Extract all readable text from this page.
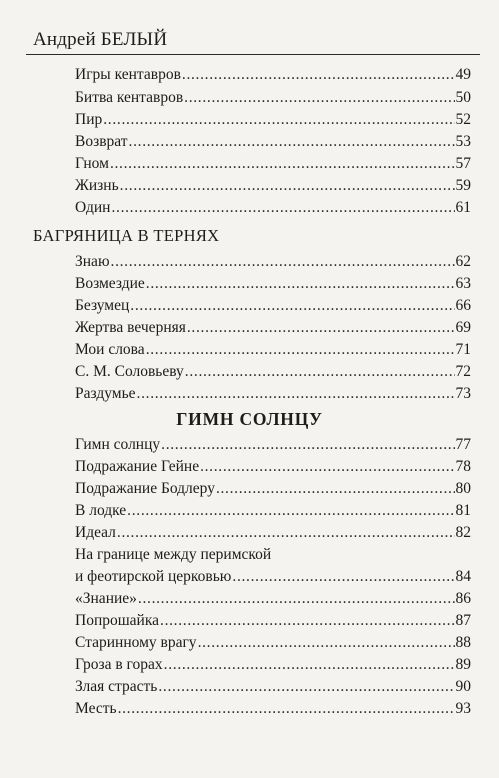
Андрей БЕЛЫЙ
Игры кентавров . . .	49
Битва кентавров . . .	50
Пир . . .	52
Возврат . . .	53
Гном . . .	57
Жизнь . . .	59
Один . . .	61
БАГРЯНИЦА В ТЕРНЯХ
Знаю . . .	62
Возмездие . . .	63
Безумец . . .	66
Жертва вечерняя . . .	69
Мои слова . . .	71
С. М. Соловьеву . . .	72
Раздумье . . .	73
ГИМН СОЛНЦУ
Гимн солнцу . . .	77
Подражание Гейне . . .	78
Подражание Бодлеру . . .	80
В лодке . . .	81
Идеал . . .	82
На границе между перимской
и феотирской церковью . . .	84
«Знание» . . .	86
Попрошайка . . .	87
Старинному врагу . . .	88
Гроза в горах . . .	89
Злая страсть . . .	90
Месть . . .	93
